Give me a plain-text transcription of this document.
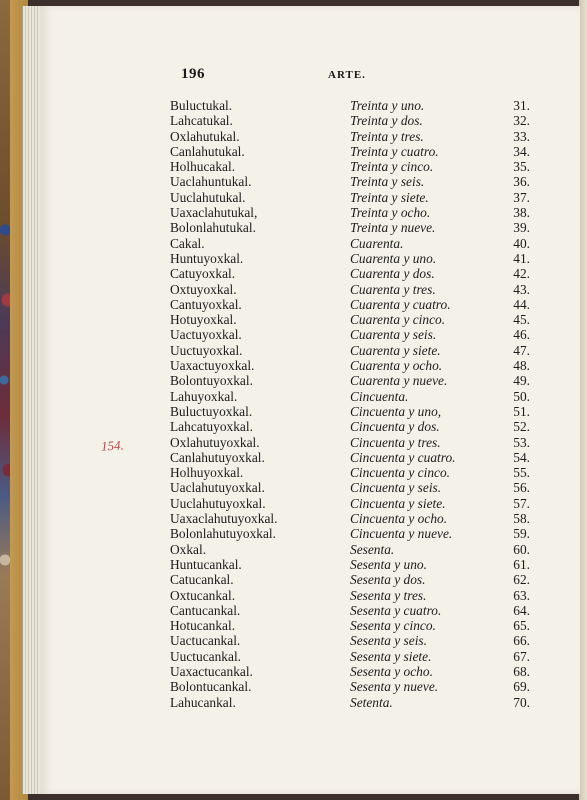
196	ARTE.
154.
Buluctukal.	Treinta y uno.	31.
Lahcatukal.	Treinta y dos.	32.
Oxlahutukal.	Treinta y tres.	33.
Canlahutukal.	Treinta y cuatro.	34.
Holhucakal.	Treinta y cinco.	35.
Uaclahuntukal.	Treinta y seis.	36.
Uuclahutukal.	Treinta y siete.	37.
Uaxaclahutukal,	Treinta y ocho.	38.
Bolonlahutukal.	Treinta y nueve.	39.
Cakal.	Cuarenta.	40.
Huntuyoxkal.	Cuarenta y uno.	41.
Catuyoxkal.	Cuarenta y dos.	42.
Oxtuyoxkal.	Cuarenta y tres.	43.
Cantuyoxkal.	Cuarenta y cuatro.	44.
Hotuyoxkal.	Cuarenta y cinco.	45.
Uactuyoxkal.	Cuarenta y seis.	46.
Uuctuyoxkal.	Cuarenta y siete.	47.
Uaxactuyoxkal.	Cuarenta y ocho.	48.
Bolontuyoxkal.	Cuarenta y nueve.	49.
Lahuyoxkal.	Cincuenta.	50.
Buluctuyoxkal.	Cincuenta y uno,	51.
Lahcatuyoxkal.	Cincuenta y dos.	52.
Oxlahutuyoxkal.	Cincuenta y tres.	53.
Canlahutuyoxkal.	Cincuenta y cuatro.	54.
Holhuyoxkal.	Cincuenta y cinco.	55.
Uaclahutuyoxkal.	Cincuenta y seis.	56.
Uuclahutuyoxkal.	Cincuenta y siete.	57.
Uaxaclahutuyoxkal.	Cincuenta y ocho.	58.
Bolonlahutuyoxkal.	Cincuenta y nueve.	59.
Oxkal.	Sesenta.	60.
Huntucankal.	Sesenta y uno.	61.
Catucankal.	Sesenta y dos.	62.
Oxtucankal.	Sesenta y tres.	63.
Cantucankal.	Sesenta y cuatro.	64.
Hotucankal.	Sesenta y cinco.	65.
Uactucankal.	Sesenta y seis.	66.
Uuctucankal.	Sesenta y siete.	67.
Uaxactucankal.	Sesenta y ocho.	68.
Bolontucankal.	Sesenta y nueve.	69.
Lahucankal.	Setenta.	70.
